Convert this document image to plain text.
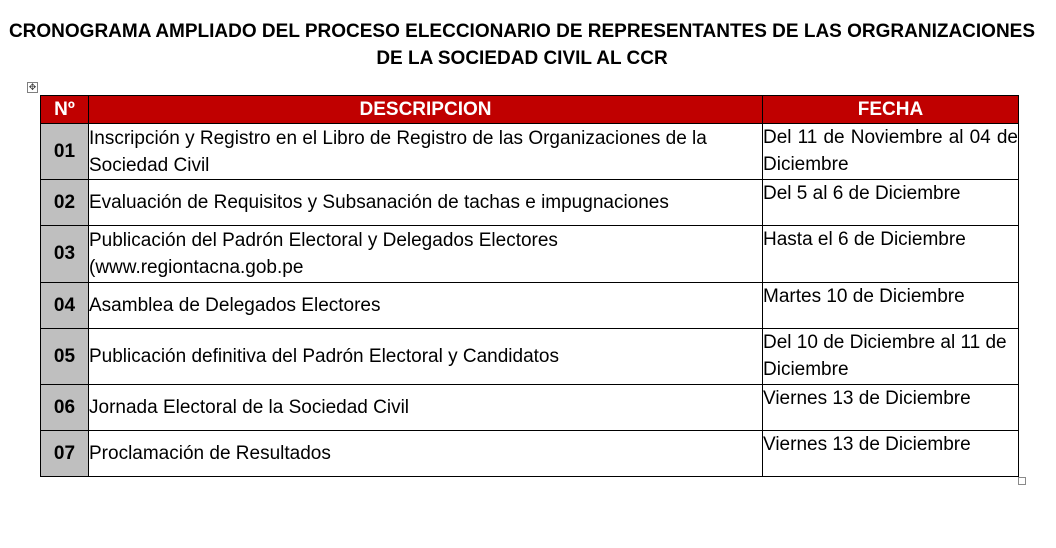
CRONOGRAMA AMPLIADO DEL PROCESO ELECCIONARIO DE REPRESENTANTES DE LAS ORGRANIZACIONES
DE LA SOCIEDAD CIVIL AL CCR
✥
Nº	DESCRIPCION	FECHA
01	Inscripción y Registro en el Libro de Registro de las Organizaciones de la Sociedad Civil	Del 11 de Noviembre al 04 de Diciembre
02	Evaluación de Requisitos y Subsanación de tachas e impugnaciones	Del 5 al 6 de Diciembre
03	Publicación del Padrón Electoral y Delegados Electores (www.regiontacna.gob.pe	Hasta el 6 de Diciembre
04	Asamblea de Delegados Electores	Martes 10 de Diciembre
05	Publicación definitiva del Padrón Electoral y Candidatos	Del 10 de Diciembre al 11 de Diciembre
06	Jornada Electoral de la Sociedad Civil	Viernes 13 de Diciembre
07	Proclamación de Resultados	Viernes 13 de Diciembre
